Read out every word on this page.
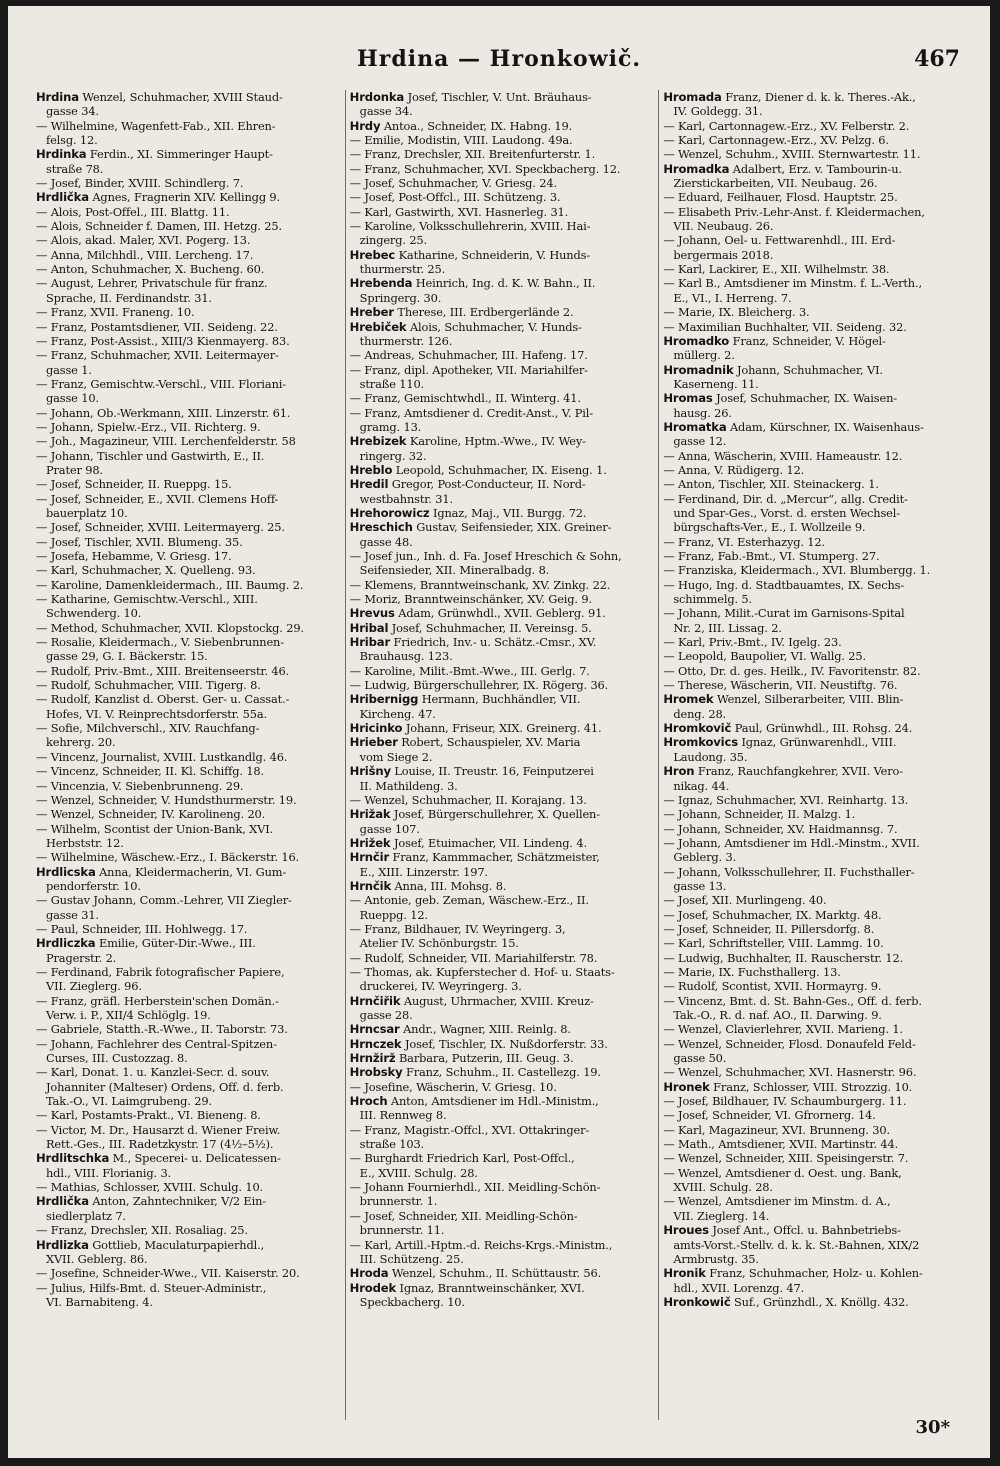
Hrdina — Hronkowič.	467
Hrdina Wenzel, Schuhmacher, XVIII Staud-
gasse 34.
— Wilhelmine, Wagenfett-Fab., XII. Ehren-
felsg. 12.
Hrdinka Ferdin., XI. Simmeringer Haupt-
straße 78.
— Josef, Binder, XVIII. Schindlerg. 7.
Hrdlička Agnes, Fragnerin XIV. Kellingg 9.
— Alois, Post-Offel., III. Blattg. 11.
— Alois, Schneider f. Damen, III. Hetzg. 25.
— Alois, akad. Maler, XVI. Pogerg. 13.
— Anna, Milchhdl., VIII. Lercheng. 17.
— Anton, Schuhmacher, X. Bucheng. 60.
— August, Lehrer, Privatschule für franz.
Sprache, II. Ferdinandstr. 31.
— Franz, XVII. Franeng. 10.
— Franz, Postamtsdiener, VII. Seideng. 22.
— Franz, Post-Assist., XIII/3 Kienmayerg. 83.
— Franz, Schuhmacher, XVII. Leitermayer-
gasse 1.
— Franz, Gemischtw.-Verschl., VIII. Floriani-
gasse 10.
— Johann, Ob.-Werkmann, XIII. Linzerstr. 61.
— Johann, Spielw.-Erz., VII. Richterg. 9.
— Joh., Magazineur, VIII. Lerchenfelderstr. 58
— Johann, Tischler und Gastwirth, E., II.
Prater 98.
— Josef, Schneider, II. Rueppg. 15.
— Josef, Schneider, E., XVII. Clemens Hoff-
bauerplatz 10.
— Josef, Schneider, XVIII. Leitermayerg. 25.
— Josef, Tischler, XVII. Blumeng. 35.
— Josefa, Hebamme, V. Griesg. 17.
— Karl, Schuhmacher, X. Quelleng. 93.
— Karoline, Damenkleidermach., III. Baumg. 2.
— Katharine, Gemischtw.-Verschl., XIII.
Schwenderg. 10.
— Method, Schuhmacher, XVII. Klopstockg. 29.
— Rosalie, Kleidermach., V. Siebenbrunnen-
gasse 29, G. I. Bäckerstr. 15.
— Rudolf, Priv.-Bmt., XIII. Breitenseerstr. 46.
— Rudolf, Schuhmacher, VIII. Tigerg. 8.
— Rudolf, Kanzlist d. Oberst. Ger- u. Cassat.-
Hofes, VI. V. Reinprechtsdorferstr. 55a.
— Sofie, Milchverschl., XIV. Rauchfang-
kehrerg. 20.
— Vincenz, Journalist, XVIII. Lustkandlg. 46.
— Vincenz, Schneider, II. Kl. Schiffg. 18.
— Vincenzia, V. Siebenbrunneng. 29.
— Wenzel, Schneider, V. Hundsthurmerstr. 19.
— Wenzel, Schneider, IV. Karolineng. 20.
— Wilhelm, Scontist der Union-Bank, XVI.
Herbststr. 12.
— Wilhelmine, Wäschew.-Erz., I. Bäckerstr. 16.
Hrdlicska Anna, Kleidermacherin, VI. Gum-
pendorferstr. 10.
— Gustav Johann, Comm.-Lehrer, VII Ziegler-
gasse 31.
— Paul, Schneider, III. Hohlwegg. 17.
Hrdliczka Emilie, Güter-Dir.-Wwe., III.
Pragerstr. 2.
— Ferdinand, Fabrik fotografischer Papiere,
VII. Zieglerg. 96.
— Franz, gräfl. Herberstein'schen Domän.-
Verw. i. P., XII/4 Schlöglg. 19.
— Gabriele, Statth.-R.-Wwe., II. Taborstr. 73.
— Johann, Fachlehrer des Central-Spitzen-
Curses, III. Custozzag. 8.
— Karl, Donat. 1. u. Kanzlei-Secr. d. souv.
Johanniter (Malteser) Ordens, Off. d. ferb.
Tak.-O., VI. Laimgrubeng. 29.
— Karl, Postamts-Prakt., VI. Bieneng. 8.
— Victor, M. Dr., Hausarzt d. Wiener Freiw.
Rett.-Ges., III. Radetzkystr. 17 (4½–5½).
Hrdlitschka M., Specerei- u. Delicatessen-
hdl., VIII. Florianig. 3.
— Mathias, Schlosser, XVIII. Schulg. 10.
Hrdlička Anton, Zahntechniker, V/2 Ein-
siedlerplatz 7.
— Franz, Drechsler, XII. Rosaliag. 25.
Hrdlizka Gottlieb, Maculaturpapierhdl.,
XVII. Geblerg. 86.
— Josefine, Schneider-Wwe., VII. Kaiserstr. 20.
— Julius, Hilfs-Bmt. d. Steuer-Administr.,
VI. Barnabiteng. 4.
Hrdonka Josef, Tischler, V. Unt. Bräuhaus-
gasse 34.
Hrdy Antoa., Schneider, IX. Habng. 19.
— Emilie, Modistin, VIII. Laudong. 49a.
— Franz, Drechsler, XII. Breitenfurterstr. 1.
— Franz, Schuhmacher, XVI. Speckbacherg. 12.
— Josef, Schuhmacher, V. Griesg. 24.
— Josef, Post-Offcl., III. Schützeng. 3.
— Karl, Gastwirth, XVI. Hasnerleg. 31.
— Karoline, Volksschullehrerin, XVIII. Hai-
zingerg. 25.
Hrebec Katharine, Schneiderin, V. Hunds-
thurmerstr. 25.
Hrebenda Heinrich, Ing. d. K. W. Bahn., II.
Springerg. 30.
Hreber Therese, III. Erdbergerlände 2.
Hrebiček Alois, Schuhmacher, V. Hunds-
thurmerstr. 126.
— Andreas, Schuhmacher, III. Hafeng. 17.
— Franz, dipl. Apotheker, VII. Mariahilfer-
straße 110.
— Franz, Gemischtwhdl., II. Winterg. 41.
— Franz, Amtsdiener d. Credit-Anst., V. Pil-
gramg. 13.
Hrebizek Karoline, Hptm.-Wwe., IV. Wey-
ringerg. 32.
Hreblo Leopold, Schuhmacher, IX. Eiseng. 1.
Hredil Gregor, Post-Conducteur, II. Nord-
westbahnstr. 31.
Hrehorowicz Ignaz, Maj., VII. Burgg. 72.
Hreschich Gustav, Seifensieder, XIX. Greiner-
gasse 48.
— Josef jun., Inh. d. Fa. Josef Hreschich & Sohn,
Seifensieder, XII. Mineralbadg. 8.
— Klemens, Branntweinschank, XV. Zinkg. 22.
— Moriz, Branntweinschänker, XV. Geig. 9.
Hrevus Adam, Grünwhdl., XVII. Geblerg. 91.
Hribal Josef, Schuhmacher, II. Vereinsg. 5.
Hribar Friedrich, Inv.- u. Schätz.-Cmsr., XV.
Brauhausg. 123.
— Karoline, Milit.-Bmt.-Wwe., III. Gerlg. 7.
— Ludwig, Bürgerschullehrer, IX. Rögerg. 36.
Hribernigg Hermann, Buchhändler, VII.
Kircheng. 47.
Hricinko Johann, Friseur, XIX. Greinerg. 41.
Hrieber Robert, Schauspieler, XV. Maria
vom Siege 2.
Hrišny Louise, II. Treustr. 16, Feinputzerei
II. Mathildeng. 3.
— Wenzel, Schuhmacher, II. Korajang. 13.
Hrižak Josef, Bürgerschullehrer, X. Quellen-
gasse 107.
Hrižek Josef, Etuimacher, VII. Lindeng. 4.
Hrnčir Franz, Kammmacher, Schätzmeister,
E., XIII. Linzerstr. 197.
Hrnčik Anna, III. Mohsg. 8.
— Antonie, geb. Zeman, Wäschew.-Erz., II.
Rueppg. 12.
— Franz, Bildhauer, IV. Weyringerg. 3,
Atelier IV. Schönburgstr. 15.
— Rudolf, Schneider, VII. Mariahilferstr. 78.
— Thomas, ak. Kupferstecher d. Hof- u. Staats-
druckerei, IV. Weyringerg. 3.
Hrnčiřik August, Uhrmacher, XVIII. Kreuz-
gasse 28.
Hrncsar Andr., Wagner, XIII. Reinlg. 8.
Hrnczek Josef, Tischler, IX. Nußdorferstr. 33.
Hrnžirž Barbara, Putzerin, III. Geug. 3.
Hrobsky Franz, Schuhm., II. Castellezg. 19.
— Josefine, Wäscherin, V. Griesg. 10.
Hroch Anton, Amtsdiener im Hdl.-Ministm.,
III. Rennweg 8.
— Franz, Magistr.-Offcl., XVI. Ottakringer-
straße 103.
— Burghardt Friedrich Karl, Post-Offcl.,
E., XVIII. Schulg. 28.
— Johann Fournierhdl., XII. Meidling-Schön-
brunnerstr. 1.
— Josef, Schneider, XII. Meidling-Schön-
brunnerstr. 11.
— Karl, Artill.-Hptm.-d. Reichs-Krgs.-Ministm.,
III. Schützeng. 25.
Hroda Wenzel, Schuhm., II. Schüttaustr. 56.
Hrodek Ignaz, Branntweinschänker, XVI.
Speckbacherg. 10.
Hromada Franz, Diener d. k. k. Theres.-Ak.,
IV. Goldegg. 31.
— Karl, Cartonnagew.-Erz., XV. Felberstr. 2.
— Karl, Cartonnagew.-Erz., XV. Pelzg. 6.
— Wenzel, Schuhm., XVIII. Sternwartestr. 11.
Hromadka Adalbert, Erz. v. Tambourin-u.
Zierstickarbeiten, VII. Neubaug. 26.
— Eduard, Feilhauer, Flosd. Hauptstr. 25.
— Elisabeth Priv.-Lehr-Anst. f. Kleidermachen,
VII. Neubaug. 26.
— Johann, Oel- u. Fettwarenhdl., III. Erd-
bergermais 2018.
— Karl, Lackirer, E., XII. Wilhelmstr. 38.
— Karl B., Amtsdiener im Minstm. f. L.-Verth.,
E., VI., I. Herreng. 7.
— Marie, IX. Bleicherg. 3.
— Maximilian Buchhalter, VII. Seideng. 32.
Hromadko Franz, Schneider, V. Högel-
müllerg. 2.
Hromadnik Johann, Schuhmacher, VI.
Kaserneng. 11.
Hromas Josef, Schuhmacher, IX. Waisen-
hausg. 26.
Hromatka Adam, Kürschner, IX. Waisenhaus-
gasse 12.
— Anna, Wäscherin, XVIII. Hameaustr. 12.
— Anna, V. Rüdigerg. 12.
— Anton, Tischler, XII. Steinackerg. 1.
— Ferdinand, Dir. d. „Mercur“, allg. Credit-
und Spar-Ges., Vorst. d. ersten Wechsel-
bürgschafts-Ver., E., I. Wollzeile 9.
— Franz, VI. Esterhazyg. 12.
— Franz, Fab.-Bmt., VI. Stumperg. 27.
— Franziska, Kleidermach., XVI. Blumbergg. 1.
— Hugo, Ing. d. Stadtbauamtes, IX. Sechs-
schimmelg. 5.
— Johann, Milit.-Curat im Garnisons-Spital
Nr. 2, III. Lissag. 2.
— Karl, Priv.-Bmt., IV. Igelg. 23.
— Leopold, Baupolier, VI. Wallg. 25.
— Otto, Dr. d. ges. Heilk., IV. Favoritenstr. 82.
— Therese, Wäscherin, VII. Neustiftg. 76.
Hromek Wenzel, Silberarbeiter, VIII. Blin-
deng. 28.
Hromkovič Paul, Grünwhdl., III. Rohsg. 24.
Hromkovics Ignaz, Grünwarenhdl., VIII.
Laudong. 35.
Hron Franz, Rauchfangkehrer, XVII. Vero-
nikag. 44.
— Ignaz, Schuhmacher, XVI. Reinhartg. 13.
— Johann, Schneider, II. Malzg. 1.
— Johann, Schneider, XV. Haidmannsg. 7.
— Johann, Amtsdiener im Hdl.-Minstm., XVII.
Geblerg. 3.
— Johann, Volksschullehrer, II. Fuchsthaller-
gasse 13.
— Josef, XII. Murlingeng. 40.
— Josef, Schuhmacher, IX. Marktg. 48.
— Josef, Schneider, II. Pillersdorfg. 8.
— Karl, Schriftsteller, VIII. Lammg. 10.
— Ludwig, Buchhalter, II. Rauscherstr. 12.
— Marie, IX. Fuchsthallerg. 13.
— Rudolf, Scontist, XVII. Hormayrg. 9.
— Vincenz, Bmt. d. St. Bahn-Ges., Off. d. ferb.
Tak.-O., R. d. naf. AO., II. Darwing. 9.
— Wenzel, Clavierlehrer, XVII. Marieng. 1.
— Wenzel, Schneider, Flosd. Donaufeld Feld-
gasse 50.
— Wenzel, Schuhmacher, XVI. Hasnerstr. 96.
Hronek Franz, Schlosser, VIII. Strozzig. 10.
— Josef, Bildhauer, IV. Schaumburgerg. 11.
— Josef, Schneider, VI. Gfrornerg. 14.
— Karl, Magazineur, XVI. Brunneng. 30.
— Math., Amtsdiener, XVII. Martinstr. 44.
— Wenzel, Schneider, XIII. Speisingerstr. 7.
— Wenzel, Amtsdiener d. Oest. ung. Bank,
XVIII. Schulg. 28.
— Wenzel, Amtsdiener im Minstm. d. A.,
VII. Zieglerg. 14.
Hroues Josef Ant., Offcl. u. Bahnbetriebs-
amts-Vorst.-Stellv. d. k. k. St.-Bahnen, XIX/2
Armbrustg. 35.
Hronik Franz, Schuhmacher, Holz- u. Kohlen-
hdl., XVII. Lorenzg. 47.
Hronkowič Suf., Grünzhdl., X. Knöllg. 432.
30*
